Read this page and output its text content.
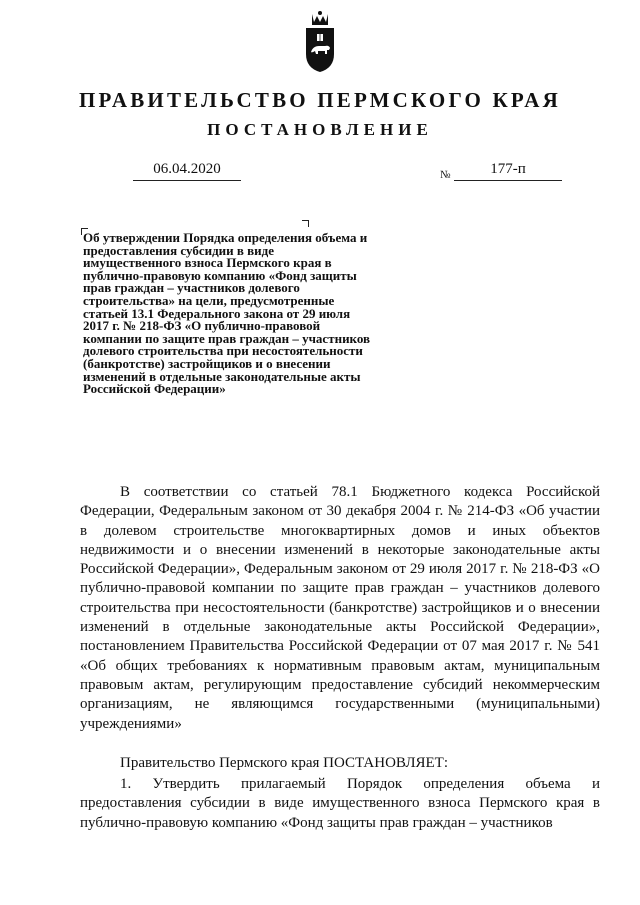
ПРАВИТЕЛЬСТВО ПЕРМСКОГО КРАЯ
ПОСТАНОВЛЕНИЕ
06.04.2020	№	177-п
Об утверждении Порядка определения объема и предоставления субсидии в виде имущественного взноса Пермского края в публично-правовую компанию «Фонд защиты прав граждан – участников долевого строительства» на цели, предусмотренные статьей 13.1 Федерального закона от 29 июля 2017 г. № 218-ФЗ «О публично-правовой компании по защите прав граждан – участников долевого строительства при несостоятельности (банкротстве) застройщиков и о внесении изменений в отдельные законодательные акты Российской Федерации»
В соответствии со статьей 78.1 Бюджетного кодекса Российской Федерации, Федеральным законом от 30 декабря 2004 г. № 214-ФЗ «Об участии в долевом строительстве многоквартирных домов и иных объектов недвижимости и о внесении изменений в некоторые законодательные акты Российской Федерации», Федеральным законом от 29 июля 2017 г. № 218-ФЗ «О публично-правовой компании по защите прав граждан – участников долевого строительства при несостоятельности (банкротстве) застройщиков и о внесении изменений в отдельные законодательные акты Российской Федерации», постановлением Правительства Российской Федерации от 07 мая 2017 г. № 541 «Об общих требованиях к нормативным правовым актам, муниципальным правовым актам, регулирующим предоставление субсидий некоммерческим организациям, не являющимся государственными (муниципальными) учреждениями»
Правительство Пермского края ПОСТАНОВЛЯЕТ:
1. Утвердить прилагаемый Порядок определения объема и предоставления субсидии в виде имущественного взноса Пермского края в публично-правовую компанию «Фонд защиты прав граждан – участников
